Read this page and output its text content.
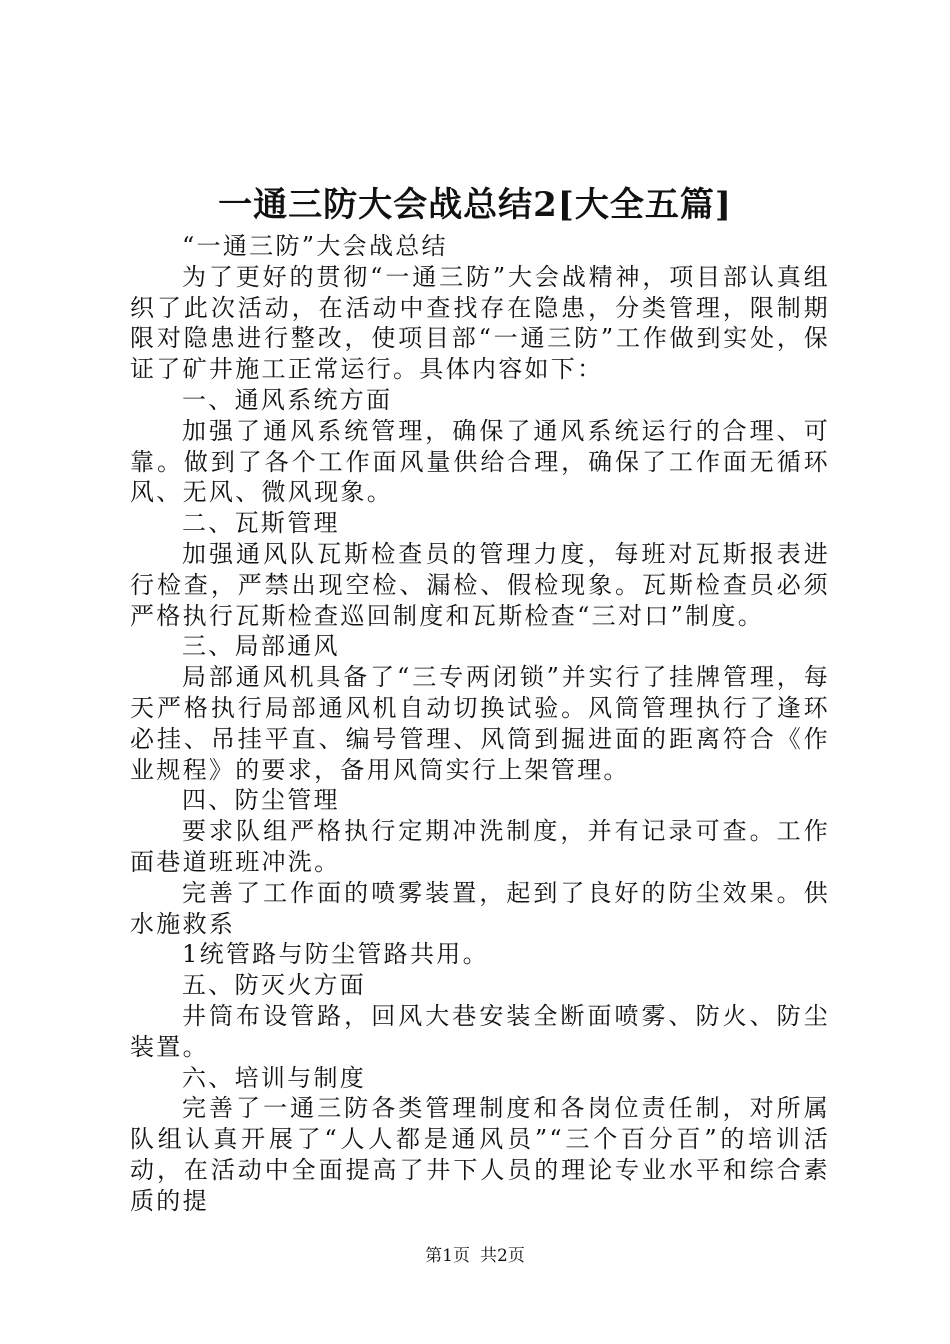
一通三防大会战总结2[大全五篇]

“一通三防”大会战总结

为了更好的贯彻“一通三防”大会战精神，项目部认真组织了此次活动，在活动中查找存在隐患，分类管理，限制期限对隐患进行整改，使项目部“一通三防”工作做到实处，保证了矿井施工正常运行。具体内容如下：

一、通风系统方面

加强了通风系统管理，确保了通风系统运行的合理、可靠。做到了各个工作面风量供给合理，确保了工作面无循环风、无风、微风现象。

二、瓦斯管理

加强通风队瓦斯检查员的管理力度，每班对瓦斯报表进行检查，严禁出现空检、漏检、假检现象。瓦斯检查员必须严格执行瓦斯检查巡回制度和瓦斯检查“三对口”制度。

三、局部通风

局部通风机具备了“三专两闭锁”并实行了挂牌管理，每天严格执行局部通风机自动切换试验。风筒管理执行了逢环必挂、吊挂平直、编号管理、风筒到掘进面的距离符合《作业规程》的要求，备用风筒实行上架管理。

四、防尘管理

要求队组严格执行定期冲洗制度，并有记录可查。工作面巷道班班冲洗。

完善了工作面的喷雾装置，起到了良好的防尘效果。供水施救系

1统管路与防尘管路共用。

五、防灭火方面

井筒布设管路，回风大巷安装全断面喷雾、防火、防尘装置。

六、培训与制度

完善了一通三防各类管理制度和各岗位责任制，对所属队组认真开展了“人人都是通风员”“三个百分百”的培训活动，在活动中全面提高了井下人员的理论专业水平和综合素质的提

第1页 共2页
